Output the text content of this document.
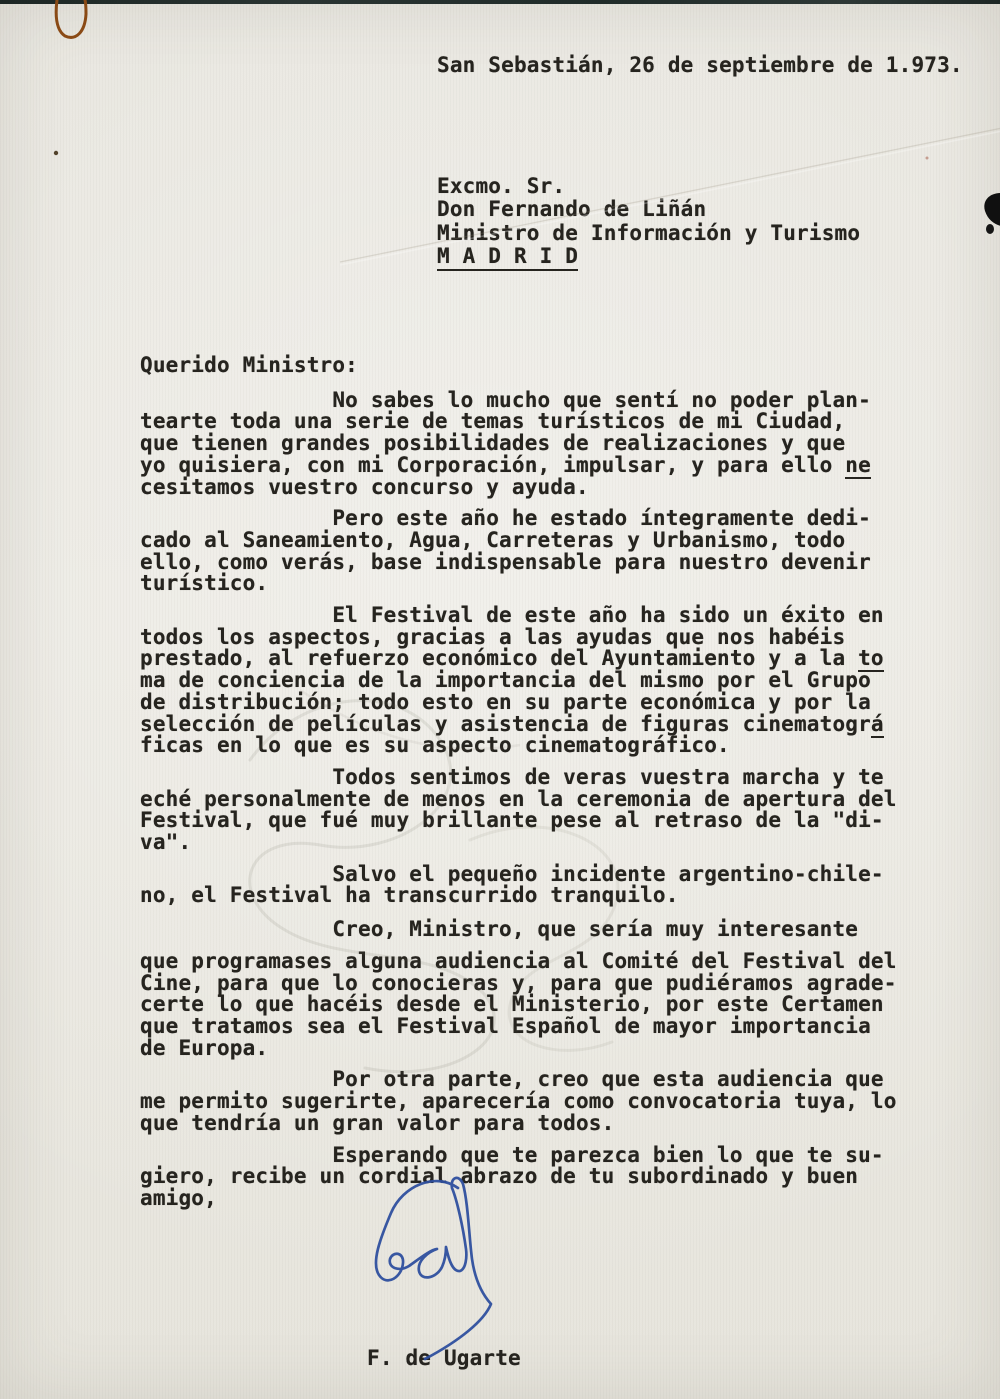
San Sebastián, 26 de septiembre de 1.973.
Excmo. Sr.
Don Fernando de Liñán
Ministro de Información y Turismo
M A D R I D
Querido Ministro:
No sabes lo mucho que sentí no poder plan-
tearte toda una serie de temas turísticos de mi Ciudad,
que tienen grandes posibilidades de realizaciones y que
yo quisiera, con mi Corporación, impulsar, y para ello ne
cesitamos vuestro concurso y ayuda.
Pero este año he estado íntegramente dedi-
cado al Saneamiento, Agua, Carreteras y Urbanismo, todo
ello, como verás, base indispensable para nuestro devenir
turístico.
El Festival de este año ha sido un éxito en
todos los aspectos, gracias a las ayudas que nos habéis
prestado, al refuerzo económico del Ayuntamiento y a la to
ma de conciencia de la importancia del mismo por el Grupo
de distribución; todo esto en su parte económica y por la
selección de películas y asistencia de figuras cinematográ
ficas en lo que es su aspecto cinematográfico.
Todos sentimos de veras vuestra marcha y te
eché personalmente de menos en la ceremonia de apertura del
Festival, que fué muy brillante pese al retraso de la "di-
va".
Salvo el pequeño incidente argentino-chile-
no, el Festival ha transcurrido tranquilo.
Creo, Ministro, que sería muy interesante
que programases alguna audiencia al Comité del Festival del
Cine, para que lo conocieras y, para que pudiéramos agrade-
certe lo que hacéis desde el Ministerio, por este Certamen
que tratamos sea el Festival Español de mayor importancia
de Europa.
Por otra parte, creo que esta audiencia que
me permito sugerirte, aparecería como convocatoria tuya, lo
que tendría un gran valor para todos.
Esperando que te parezca bien lo que te su-
giero, recibe un cordial abrazo de tu subordinado y buen
amigo,
F. de Ugarte
